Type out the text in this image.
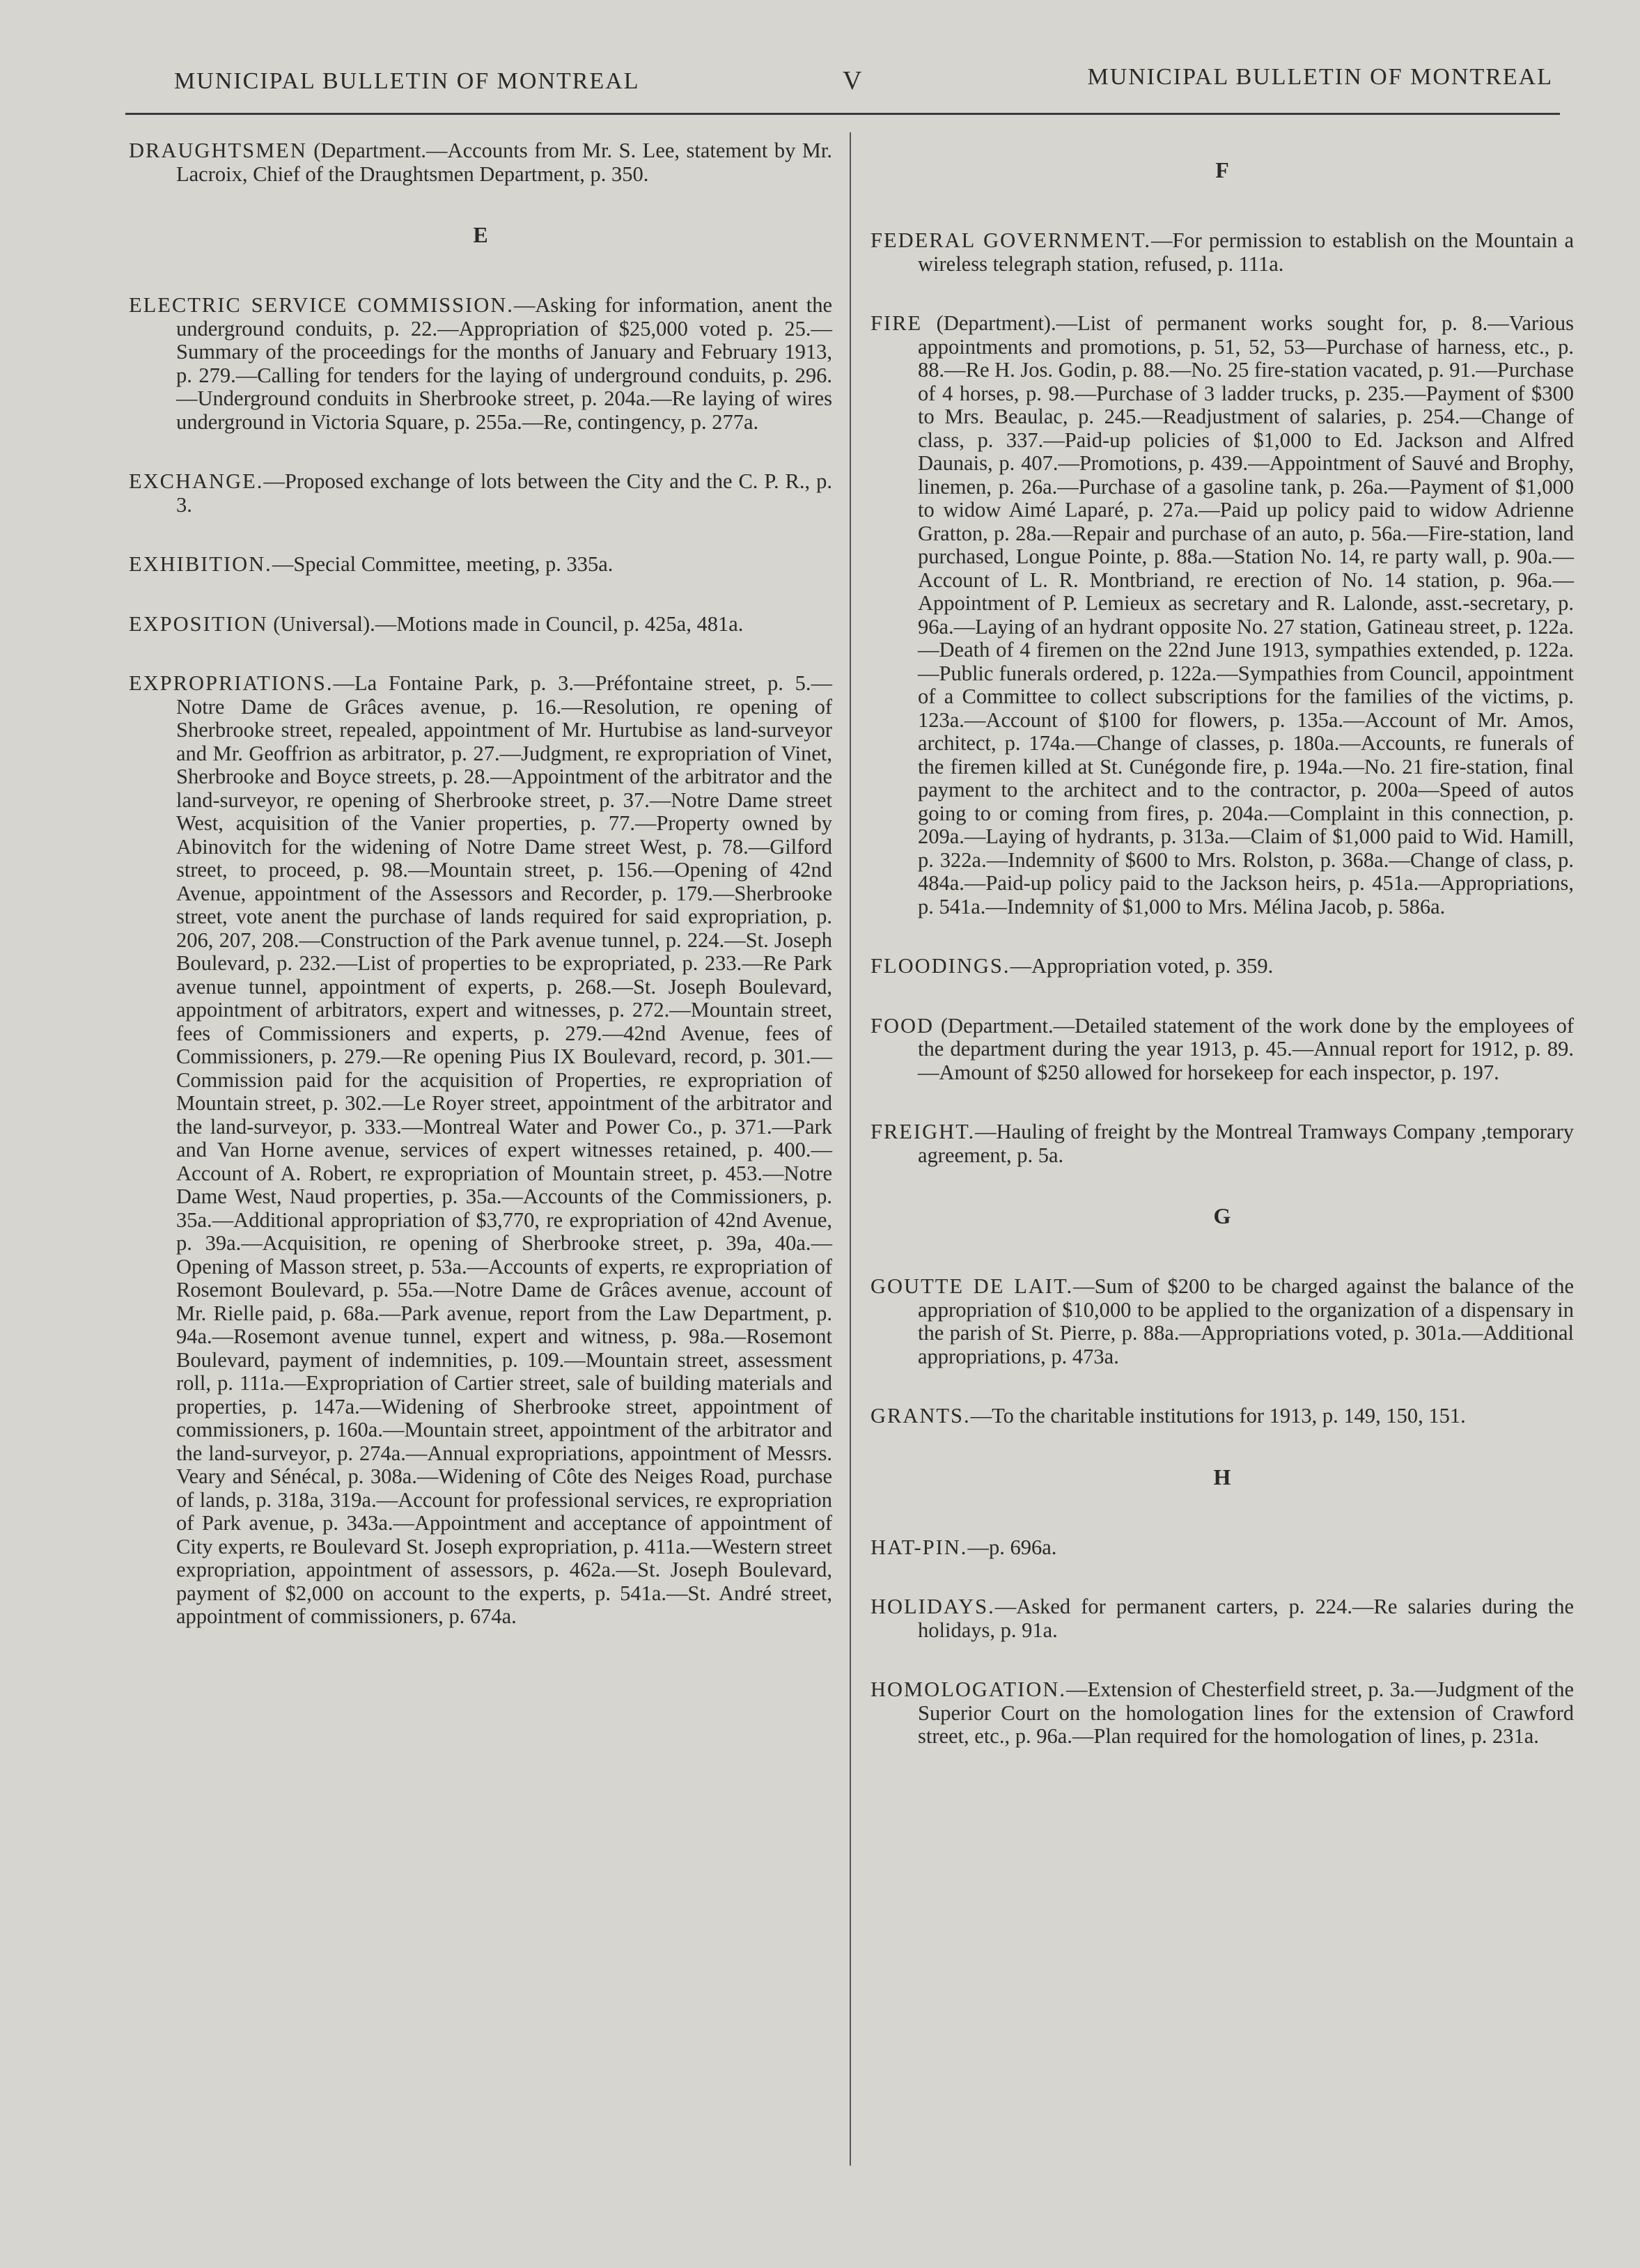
MUNICIPAL BULLETIN OF MONTREAL	V	MUNICIPAL BULLETIN OF MONTREAL

DRAUGHTSMEN (Department.—Accounts from Mr. S. Lee, statement by Mr. Lacroix, Chief of the Draughtsmen Department, p. 350.

E

ELECTRIC SERVICE COMMISSION.—Asking for information, anent the underground conduits, p. 22.—Appropriation of $25,000 voted p. 25.—Summary of the proceedings for the months of January and February 1913, p. 279.—Calling for tenders for the laying of underground conduits, p. 296.—Underground conduits in Sherbrooke street, p. 204a.—Re laying of wires underground in Victoria Square, p. 255a.—Re, contingency, p. 277a.

EXCHANGE.—Proposed exchange of lots between the City and the C. P. R., p. 3.

EXHIBITION.—Special Committee, meeting, p. 335a.

EXPOSITION (Universal).—Motions made in Council, p. 425a, 481a.

EXPROPRIATIONS.—La Fontaine Park, p. 3.—Préfontaine street, p. 5.—Notre Dame de Grâces avenue, p. 16.—Resolution, re opening of Sherbrooke street, repealed, appointment of Mr. Hurtubise as land-surveyor and Mr. Geoffrion as arbitrator, p. 27.—Judgment, re expropriation of Vinet, Sherbrooke and Boyce streets, p. 28.—Appointment of the arbitrator and the land-surveyor, re opening of Sherbrooke street, p. 37.—Notre Dame street West, acquisition of the Vanier properties, p. 77.—Property owned by Abinovitch for the widening of Notre Dame street West, p. 78.—Gilford street, to proceed, p. 98.—Mountain street, p. 156.—Opening of 42nd Avenue, appointment of the Assessors and Recorder, p. 179.—Sherbrooke street, vote anent the purchase of lands required for said expropriation, p. 206, 207, 208.—Construction of the Park avenue tunnel, p. 224.—St. Joseph Boulevard, p. 232.—List of properties to be expropriated, p. 233.—Re Park avenue tunnel, appointment of experts, p. 268.—St. Joseph Boulevard, appointment of arbitrators, expert and witnesses, p. 272.—Mountain street, fees of Commissioners and experts, p. 279.—42nd Avenue, fees of Commissioners, p. 279.—Re opening Pius IX Boulevard, record, p. 301.—Commission paid for the acquisition of Properties, re expropriation of Mountain street, p. 302.—Le Royer street, appointment of the arbitrator and the land-surveyor, p. 333.—Montreal Water and Power Co., p. 371.—Park and Van Horne avenue, services of expert witnesses retained, p. 400.—Account of A. Robert, re expropriation of Mountain street, p. 453.—Notre Dame West, Naud properties, p. 35a.—Accounts of the Commissioners, p. 35a.—Additional appropriation of $3,770, re expropriation of 42nd Avenue, p. 39a.—Acquisition, re opening of Sherbrooke street, p. 39a, 40a.—Opening of Masson street, p. 53a.—Accounts of experts, re expropriation of Rosemont Boulevard, p. 55a.—Notre Dame de Grâces avenue, account of Mr. Rielle paid, p. 68a.—Park avenue, report from the Law Department, p. 94a.—Rosemont avenue tunnel, expert and witness, p. 98a.—Rosemont Boulevard, payment of indemnities, p. 109.—Mountain street, assessment roll, p. 111a.—Expropriation of Cartier street, sale of building materials and properties, p. 147a.—Widening of Sherbrooke street, appointment of commissioners, p. 160a.—Mountain street, appointment of the arbitrator and the land-surveyor, p. 274a.—Annual expropriations, appointment of Messrs. Veary and Sénécal, p. 308a.—Widening of Côte des Neiges Road, purchase of lands, p. 318a, 319a.—Account for professional services, re expropriation of Park avenue, p. 343a.—Appointment and acceptance of appointment of City experts, re Boulevard St. Joseph expropriation, p. 411a.—Western street expropriation, appointment of assessors, p. 462a.—St. Joseph Boulevard, payment of $2,000 on account to the experts, p. 541a.—St. André street, appointment of commissioners, p. 674a.

F

FEDERAL GOVERNMENT.—For permission to establish on the Mountain a wireless telegraph station, refused, p. 111a.

FIRE (Department).—List of permanent works sought for, p. 8.—Various appointments and promotions, p. 51, 52, 53—Purchase of harness, etc., p. 88.—Re H. Jos. Godin, p. 88.—No. 25 fire-station vacated, p. 91.—Purchase of 4 horses, p. 98.—Purchase of 3 ladder trucks, p. 235.—Payment of $300 to Mrs. Beaulac, p. 245.—Readjustment of salaries, p. 254.—Change of class, p. 337.—Paid-up policies of $1,000 to Ed. Jackson and Alfred Daunais, p. 407.—Promotions, p. 439.—Appointment of Sauvé and Brophy, linemen, p. 26a.—Purchase of a gasoline tank, p. 26a.—Payment of $1,000 to widow Aimé Laparé, p. 27a.—Paid up policy paid to widow Adrienne Gratton, p. 28a.—Repair and purchase of an auto, p. 56a.—Fire-station, land purchased, Longue Pointe, p. 88a.—Station No. 14, re party wall, p. 90a.—Account of L. R. Montbriand, re erection of No. 14 station, p. 96a.—Appointment of P. Lemieux as secretary and R. Lalonde, asst.-secretary, p. 96a.—Laying of an hydrant opposite No. 27 station, Gatineau street, p. 122a.—Death of 4 firemen on the 22nd June 1913, sympathies extended, p. 122a.—Public funerals ordered, p. 122a.—Sympathies from Council, appointment of a Committee to collect subscriptions for the families of the victims, p. 123a.—Account of $100 for flowers, p. 135a.—Account of Mr. Amos, architect, p. 174a.—Change of classes, p. 180a.—Accounts, re funerals of the firemen killed at St. Cunégonde fire, p. 194a.—No. 21 fire-station, final payment to the architect and to the contractor, p. 200a—Speed of autos going to or coming from fires, p. 204a.—Complaint in this connection, p. 209a.—Laying of hydrants, p. 313a.—Claim of $1,000 paid to Wid. Hamill, p. 322a.—Indemnity of $600 to Mrs. Rolston, p. 368a.—Change of class, p. 484a.—Paid-up policy paid to the Jackson heirs, p. 451a.—Appropriations, p. 541a.—Indemnity of $1,000 to Mrs. Mélina Jacob, p. 586a.

FLOODINGS.—Appropriation voted, p. 359.

FOOD (Department.—Detailed statement of the work done by the employees of the department during the year 1913, p. 45.—Annual report for 1912, p. 89.—Amount of $250 allowed for horsekeep for each inspector, p. 197.

FREIGHT.—Hauling of freight by the Montreal Tramways Company ,temporary agreement, p. 5a.

G

GOUTTE DE LAIT.—Sum of $200 to be charged against the balance of the appropriation of $10,000 to be applied to the organization of a dispensary in the parish of St. Pierre, p. 88a.—Appropriations voted, p. 301a.—Additional appropriations, p. 473a.

GRANTS.—To the charitable institutions for 1913, p. 149, 150, 151.

H

HAT-PIN.—p. 696a.

HOLIDAYS.—Asked for permanent carters, p. 224.—Re salaries during the holidays, p. 91a.

HOMOLOGATION.—Extension of Chesterfield street, p. 3a.—Judgment of the Superior Court on the homologation lines for the extension of Crawford street, etc., p. 96a.—Plan required for the homologation of lines, p. 231a.
